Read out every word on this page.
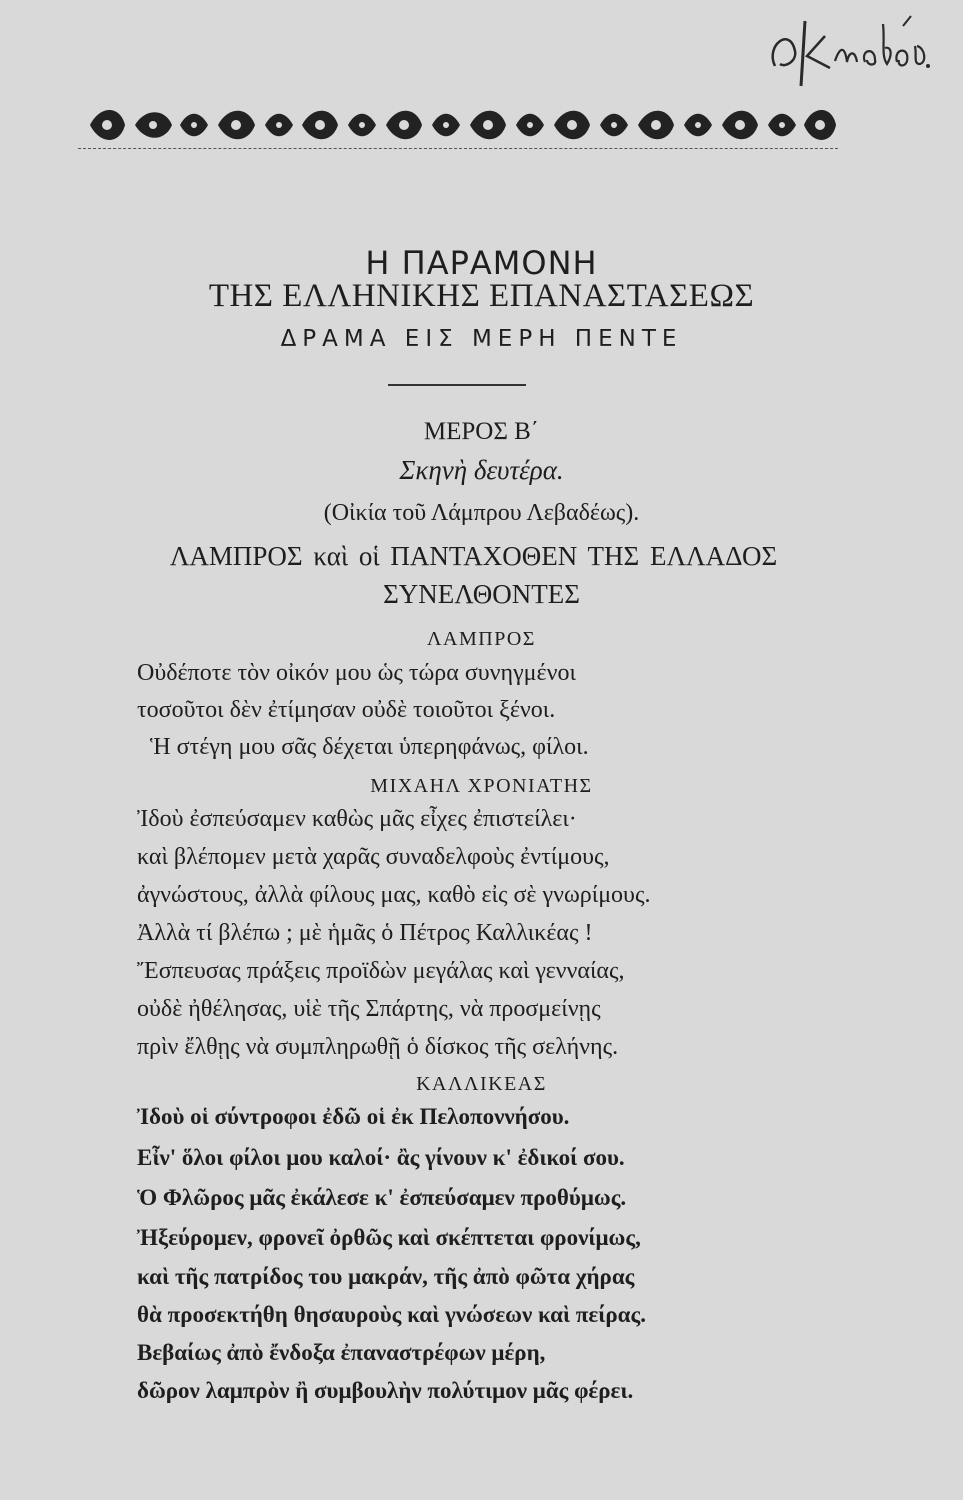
Η ΠΑΡΑΜΟΝΗ
ΤΗΣ ΕΛΛΗΝΙΚΗΣ ΕΠΑΝΑΣΤΑΣΕΩΣ
ΔΡΑΜΑ ΕΙΣ ΜΕΡΗ ΠΕΝΤΕ
ΜΕΡΟΣ Β΄
Σκηνὴ δευτέρα.
(Οἰκία τοῦ Λάμπρου Λεβαδέως).
ΛΑΜΠΡΟΣ καὶ οἱ ΠΑΝΤΑΧΟΘΕΝ ΤΗΣ ΕΛΛΑΔΟΣ
ΣΥΝΕΛΘΟΝΤΕΣ
ΛΑΜΠΡΟΣ
Οὐδέποτε τὸν οἰκόν μου ὡς τώρα συνηγμένοι
τοσοῦτοι δὲν ἐτίμησαν οὐδὲ τοιοῦτοι ξένοι.
Ἡ στέγη μου σᾶς δέχεται ὑπερηφάνως, φίλοι.
ΜΙΧΑΗΛ ΧΡΟΝΙΑΤΗΣ
Ἰδοὺ ἐσπεύσαμεν καθὼς μᾶς εἶχες ἐπιστείλει·
καὶ βλέπομεν μετὰ χαρᾶς συναδελφοὺς ἐντίμους,
ἀγνώστους, ἀλλὰ φίλους μας, καθὸ εἰς σὲ γνωρίμους.
Ἀλλὰ τί βλέπω ; μὲ ἡμᾶς ὁ Πέτρος Καλλικέας !
Ἔσπευσας πράξεις προϊδὼν μεγάλας καὶ γενναίας,
οὐδὲ ἠθέλησας, υἱὲ τῆς Σπάρτης, νὰ προσμείνῃς
πρὶν ἔλθῃς νὰ συμπληρωθῇ ὁ δίσκος τῆς σελήνης.
ΚΑΛΛΙΚΕΑΣ
Ἰδοὺ οἱ σύντροφοι ἐδῶ οἱ ἐκ Πελοποννήσου.
Εἶν' ὅλοι φίλοι μου καλοί· ἂς γίνουν κ' ἐδικοί σου.
Ὁ Φλῶρος μᾶς ἐκάλεσε κ' ἐσπεύσαμεν προθύμως.
Ἠξεύρομεν, φρονεῖ ὀρθῶς καὶ σκέπτεται φρονίμως,
καὶ τῆς πατρίδος του μακράν, τῆς ἀπὸ φῶτα χήρας
θὰ προσεκτήθη θησαυροὺς καὶ γνώσεων καὶ πείρας.
Βεβαίως ἀπὸ ἔνδοξα ἐπαναστρέφων μέρη,
δῶρον λαμπρὸν ἢ συμβουλὴν πολύτιμον μᾶς φέρει.
